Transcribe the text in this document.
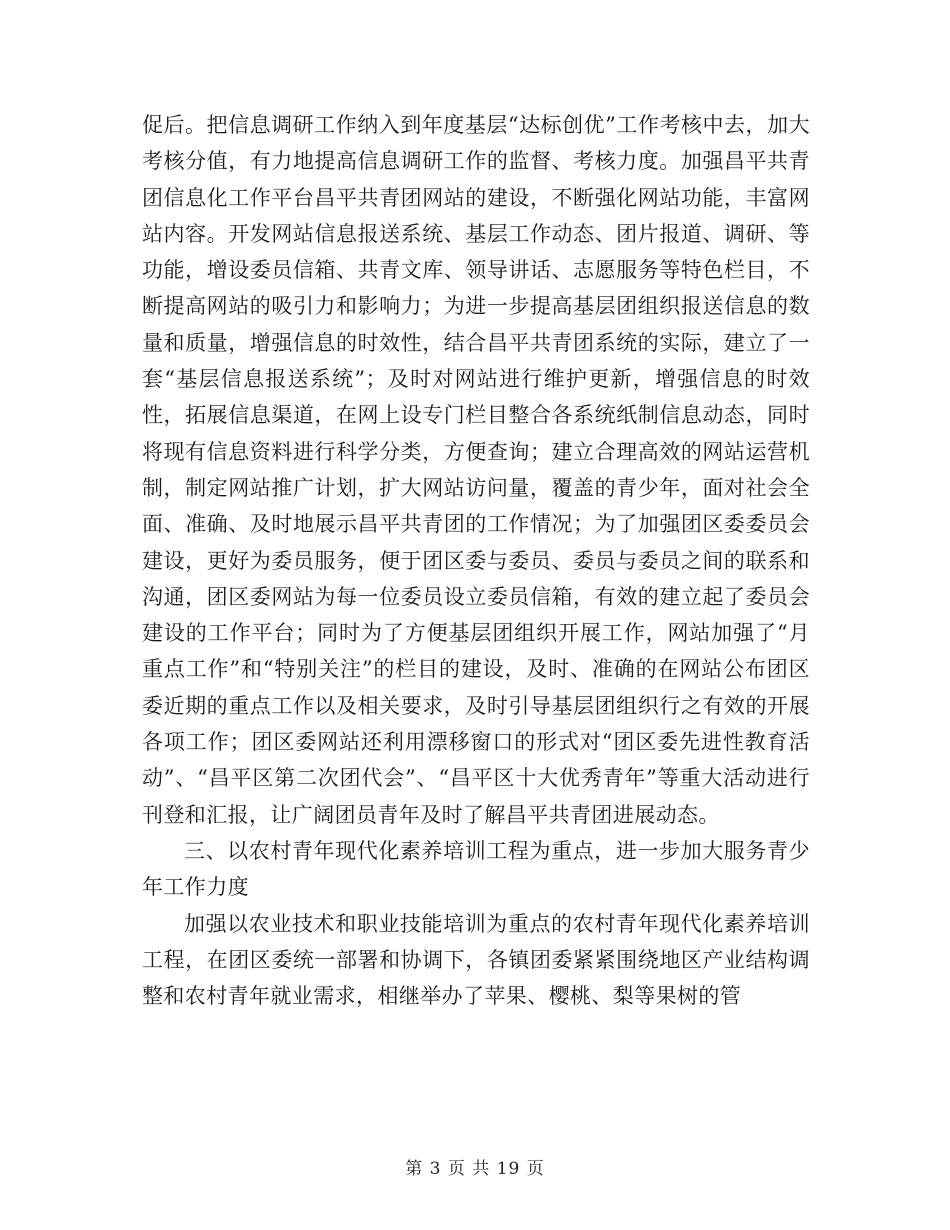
促后。把信息调研工作纳入到年度基层“达标创优”工作考核中去，加大考核分值，有力地提高信息调研工作的监督、考核力度。加强昌平共青团信息化工作平台昌平共青团网站的建设，不断强化网站功能，丰富网站内容。开发网站信息报送系统、基层工作动态、团片报道、调研、等功能，增设委员信箱、共青文库、领导讲话、志愿服务等特色栏目，不断提高网站的吸引力和影响力；为进一步提高基层团组织报送信息的数量和质量，增强信息的时效性，结合昌平共青团系统的实际，建立了一套“基层信息报送系统”；及时对网站进行维护更新，增强信息的时效性，拓展信息渠道，在网上设专门栏目整合各系统纸制信息动态，同时将现有信息资料进行科学分类，方便查询；建立合理高效的网站运营机制，制定网站推广计划，扩大网站访问量，覆盖的青少年，面对社会全面、准确、及时地展示昌平共青团的工作情况；为了加强团区委委员会建设，更好为委员服务，便于团区委与委员、委员与委员之间的联系和沟通，团区委网站为每一位委员设立委员信箱，有效的建立起了委员会建设的工作平台；同时为了方便基层团组织开展工作，网站加强了“月重点工作”和“特别关注”的栏目的建设，及时、准确的在网站公布团区委近期的重点工作以及相关要求，及时引导基层团组织行之有效的开展各项工作；团区委网站还利用漂移窗口的形式对“团区委先进性教育活动”、“昌平区第二次团代会”、“昌平区十大优秀青年”等重大活动进行刊登和汇报，让广阔团员青年及时了解昌平共青团进展动态。

三、以农村青年现代化素养培训工程为重点，进一步加大服务青少年工作力度

加强以农业技术和职业技能培训为重点的农村青年现代化素养培训工程，在团区委统一部署和协调下，各镇团委紧紧围绕地区产业结构调整和农村青年就业需求，相继举办了苹果、樱桃、梨等果树的管

第 3 页 共 19 页
